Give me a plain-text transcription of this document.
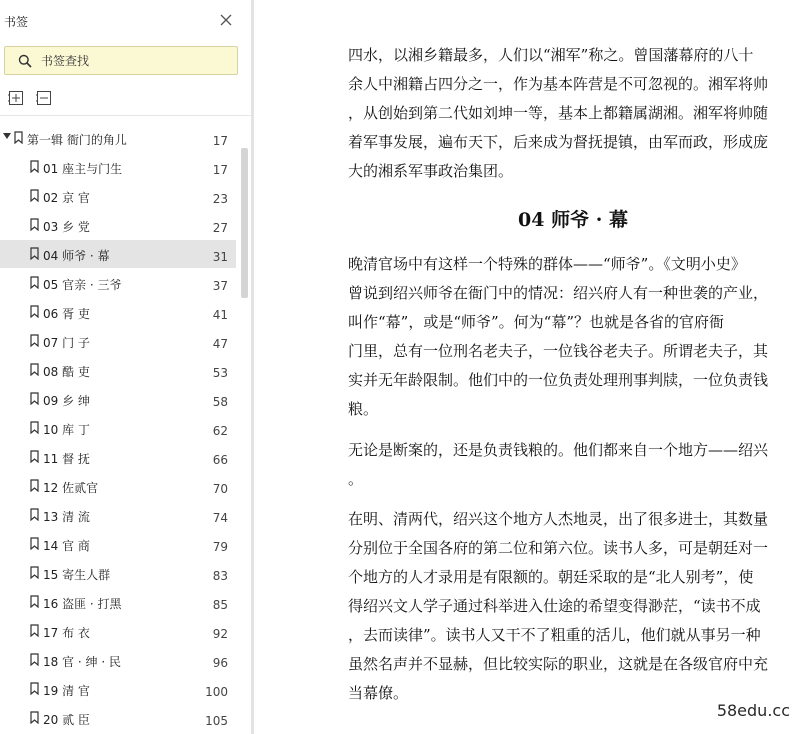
书签
书签查找
第一辑 衙门的角儿	17
01 座主与门生	17
02 京 官	23
03 乡 党	27
04 师爷 · 幕	31
05 官亲 · 三爷	37
06 胥 吏	41
07 门 子	47
08 酷 吏	53
09 乡 绅	58
10 库 丁	62
11 督 抚	66
12 佐贰官	70
13 清 流	74
14 官 商	79
15 寄生人群	83
16 盗匪 · 打黑	85
17 布 衣	92
18 官 · 绅 · 民	96
19 清 官	100
20 贰 臣	105
四水，以湘乡籍最多，人们以“湘军”称之。曾国藩幕府的八十
余人中湘籍占四分之一，作为基本阵营是不可忽视的。湘军将帅
，从创始到第二代如刘坤一等，基本上都籍属湖湘。湘军将帅随
着军事发展，遍布天下，后来成为督抚提镇，由军而政，形成庞
大的湘系军事政治集团。
04 师爷 · 幕
晚清官场中有这样一个特殊的群体——“师爷”。《文明小史》
曾说到绍兴师爷在衙门中的情况：绍兴府人有一种世袭的产业，
叫作“幕”，或是“师爷”。何为“幕”？也就是各省的官府衙
门里，总有一位刑名老夫子，一位钱谷老夫子。所谓老夫子，其
实并无年龄限制。他们中的一位负责处理刑事判牍，一位负责钱
粮。
无论是断案的，还是负责钱粮的。他们都来自一个地方——绍兴
。
在明、清两代，绍兴这个地方人杰地灵，出了很多进士，其数量
分别位于全国各府的第二位和第六位。读书人多，可是朝廷对一
个地方的人才录用是有限额的。朝廷采取的是“北人别考”，使
得绍兴文人学子通过科举进入仕途的希望变得渺茫，“读书不成
，去而读律”。读书人又干不了粗重的活儿，他们就从事另一种
虽然名声并不显赫，但比较实际的职业，这就是在各级官府中充
当幕僚。
58edu.cc
